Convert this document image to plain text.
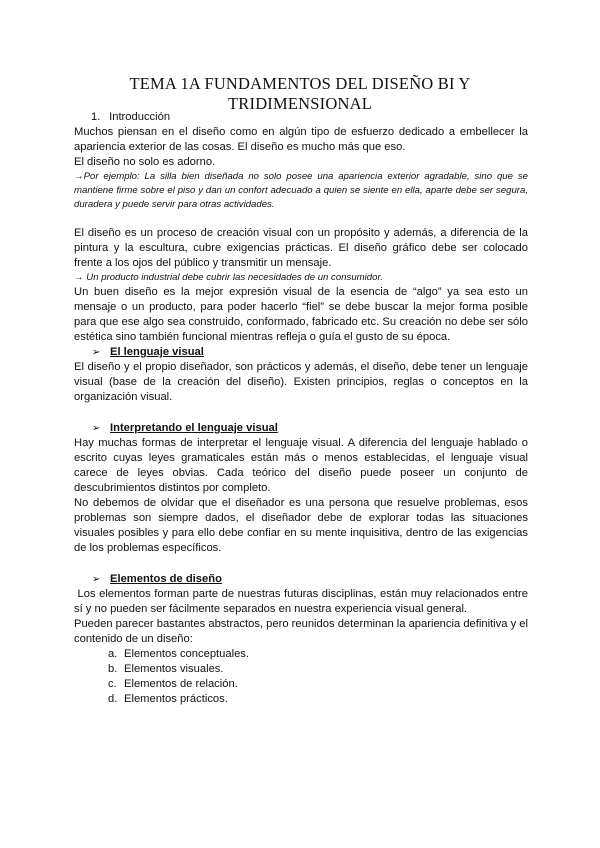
TEMA 1A FUNDAMENTOS DEL DISEÑO BI Y
TRIDIMENSIONAL

1. Introducción

Muchos piensan en el diseño como en algún tipo de esfuerzo dedicado a embellecer la apariencia exterior de las cosas. El diseño es mucho más que eso.

El diseño no solo es adorno.

→Por ejemplo: La silla bien diseñada no solo posee una apariencia exterior agradable, sino que se mantiene firme sobre el piso y dan un confort adecuado a quien se siente en ella, aparte debe ser segura, duradera y puede servir para otras actividades.

El diseño es un proceso de creación visual con un propósito y además, a diferencia de la pintura y la escultura, cubre exigencias prácticas. El diseño gráfico debe ser colocado frente a los ojos del público y transmitir un mensaje.

→ Un producto industrial debe cubrir las necesidades de un consumidor.

Un buen diseño es la mejor expresión visual de la esencia de “algo” ya sea esto un mensaje o un producto, para poder hacerlo “fiel” se debe buscar la mejor forma posible para que ese algo sea construido, conformado, fabricado etc. Su creación no debe ser sólo estética sino también funcional mientras refleja o guía el gusto de su época.

➢ El lenguaje visual

El diseño y el propio diseñador, son prácticos y además, el diseño, debe tener un lenguaje visual (base de la creación del diseño). Existen principios, reglas o conceptos en la organización visual.

➢ Interpretando el lenguaje visual

Hay muchas formas de interpretar el lenguaje visual. A diferencia del lenguaje hablado o escrito cuyas leyes gramaticales están más o menos establecidas, el lenguaje visual carece de leyes obvias. Cada teórico del diseño puede poseer un conjunto de descubrimientos distintos por completo.

No debemos de olvidar que el diseñador es una persona que resuelve problemas, esos problemas son siempre dados, el diseñador debe de explorar todas las situaciones visuales posibles y para ello debe confiar en su mente inquisitiva, dentro de las exigencias de los problemas específicos.

➢ Elementos de diseño

Los elementos forman parte de nuestras futuras disciplinas, están muy relacionados entre sí y no pueden ser fácilmente separados en nuestra experiencia visual general.

Pueden parecer bastantes abstractos, pero reunidos determinan la apariencia definitiva y el contenido de un diseño:

a. Elementos conceptuales.
b. Elementos visuales.
c. Elementos de relación.
d. Elementos prácticos.
